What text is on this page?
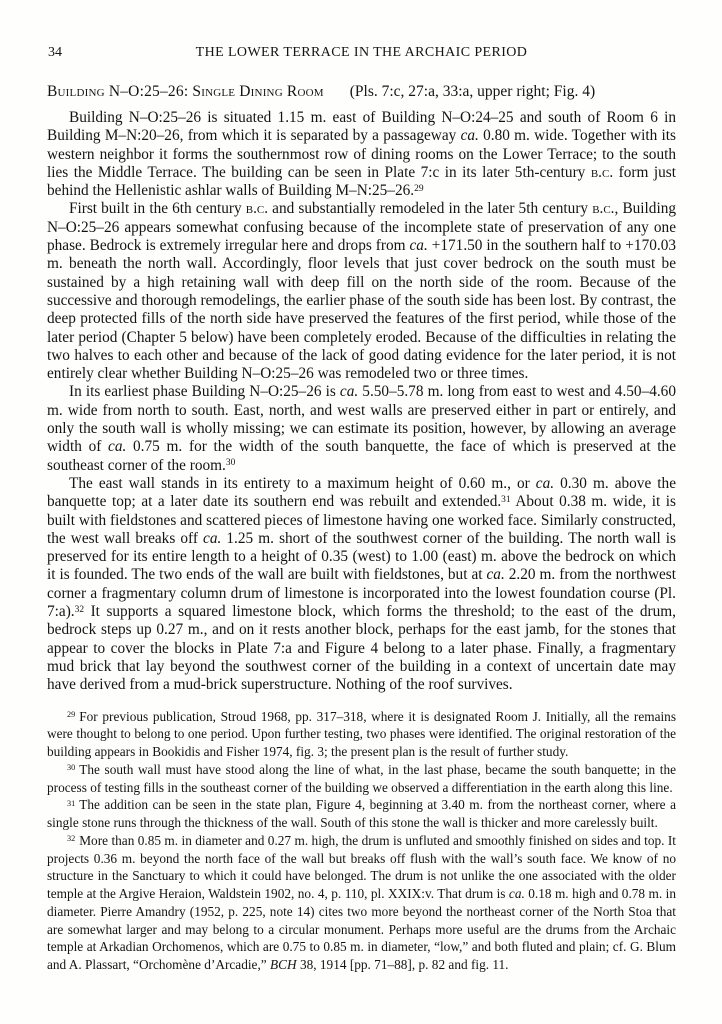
34	THE LOWER TERRACE IN THE ARCHAIC PERIOD
Building N–O:25–26: Single Dining Room (Pls. 7:c, 27:a, 33:a, upper right; Fig. 4)

Building N–O:25–26 is situated 1.15 m. east of Building N–O:24–25 and south of Room 6 in Building M–N:20–26, from which it is separated by a passageway ca. 0.80 m. wide. Together with its western neighbor it forms the southernmost row of dining rooms on the Lower Terrace; to the south lies the Middle Terrace. The building can be seen in Plate 7:c in its later 5th-century b.c. form just behind the Hellenistic ashlar walls of Building M–N:25–26.29

First built in the 6th century b.c. and substantially remodeled in the later 5th century b.c., Building N–O:25–26 appears somewhat confusing because of the incomplete state of preservation of any one phase. Bedrock is extremely irregular here and drops from ca. +171.50 in the southern half to +170.03 m. beneath the north wall. Accordingly, floor levels that just cover bedrock on the south must be sustained by a high retaining wall with deep fill on the north side of the room. Because of the successive and thorough remodelings, the earlier phase of the south side has been lost. By contrast, the deep protected fills of the north side have preserved the features of the first period, while those of the later period (Chapter 5 below) have been completely eroded. Because of the difficulties in relating the two halves to each other and because of the lack of good dating evidence for the later period, it is not entirely clear whether Building N–O:25–26 was remodeled two or three times.

In its earliest phase Building N–O:25–26 is ca. 5.50–5.78 m. long from east to west and 4.50–4.60 m. wide from north to south. East, north, and west walls are preserved either in part or entirely, and only the south wall is wholly missing; we can estimate its position, however, by allowing an average width of ca. 0.75 m. for the width of the south banquette, the face of which is preserved at the southeast corner of the room.$^{30}$

The east wall stands in its entirety to a maximum height of 0.60 m., or ca. 0.30 m. above the banquette top; at a later date its southern end was rebuilt and extended.$^{31}$ About 0.38 m. wide, it is built with fieldstones and scattered pieces of limestone having one worked face. Similarly constructed, the west wall breaks off ca. 1.25 m. short of the southwest corner of the building. The north wall is preserved for its entire length to a height of 0.35 (west) to 1.00 (east) m. above the bedrock on which it is founded. The two ends of the wall are built with fieldstones, but at ca. 2.20 m. from the northwest corner a fragmentary column drum of limestone is incorporated into the lowest foundation course (Pl. 7:a).$^{32}$ It supports a squared limestone block, which forms the threshold; to the east of the drum, bedrock steps up 0.27 m., and on it rests another block, perhaps for the east jamb, for the stones that appear to cover the blocks in Plate 7:a and Figure 4 belong to a later phase. Finally, a fragmentary mud brick that lay beyond the southwest corner of the building in a context of uncertain date may have derived from a mud-brick superstructure. Nothing of the roof survives.

$^{29}$ For previous publication, Stroud 1968, pp. 317–318, where it is designated Room J. Initially, all the remains were thought to belong to one period. Upon further testing, two phases were identified. The original restoration of the building appears in Bookidis and Fisher 1974, fig. 3; the present plan is the result of further study.

$^{30}$ The south wall must have stood along the line of what, in the last phase, became the south banquette; in the process of testing fills in the southeast corner of the building we observed a differentiation in the earth along this line.

$^{31}$ The addition can be seen in the state plan, Figure 4, beginning at 3.40 m. from the northeast corner, where a single stone runs through the thickness of the wall. South of this stone the wall is thicker and more carelessly built.

$^{32}$ More than 0.85 m. in diameter and 0.27 m. high, the drum is unfluted and smoothly finished on sides and top. It projects 0.36 m. beyond the north face of the wall but breaks off flush with the wall’s south face. We know of no structure in the Sanctuary to which it could have belonged. The drum is not unlike the one associated with the older temple at the Argive Heraion, Waldstein 1902, no. 4, p. 110, pl. XXIX:v. That drum is ca. 0.18 m. high and 0.78 m. in diameter. Pierre Amandry (1952, p. 225, note 14) cites two more beyond the northeast corner of the North Stoa that are somewhat larger and may belong to a circular monument. Perhaps more useful are the drums from the Archaic temple at Arkadian Orchomenos, which are 0.75 to 0.85 m. in diameter, “low,” and both fluted and plain; cf. G. Blum and A. Plassart, “Orchomène d’Arcadie,” BCH 38, 1914 [pp. 71–88], p. 82 and fig. 11.
